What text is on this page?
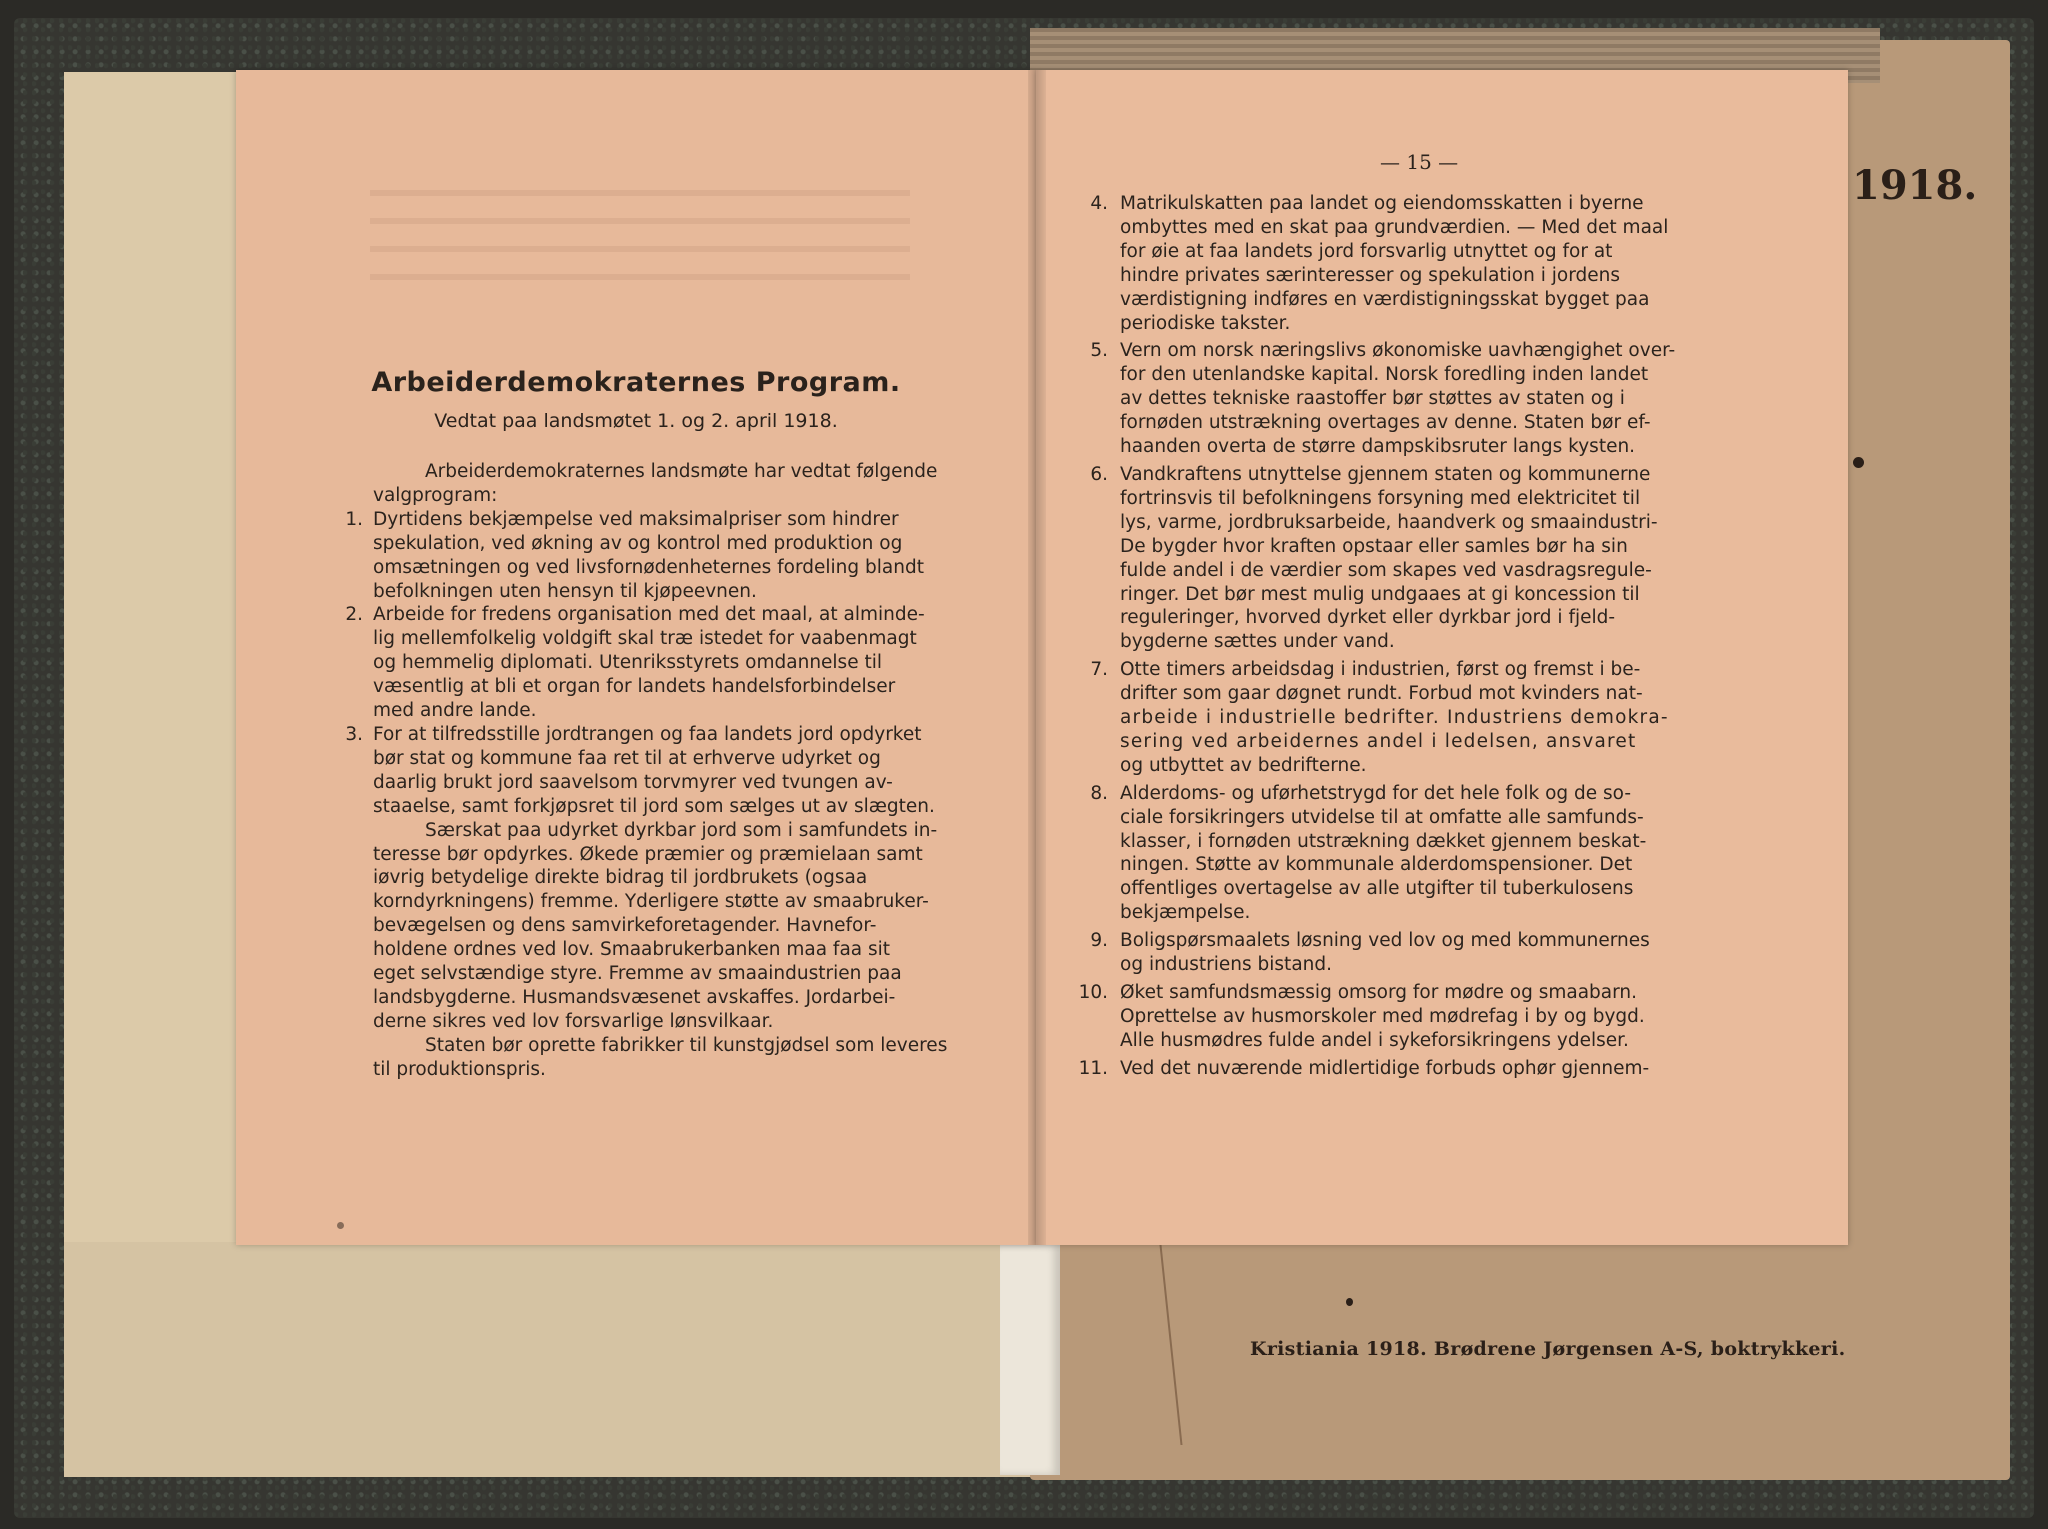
Arbeiderdemokraternes Program.
Vedtat paa landsmøtet 1. og 2. april 1918.

Arbeiderdemokraternes landsmøte har vedtat følgende
valgprogram:

1. Dyrtidens bekjæmpelse ved maksimalpriser som hindrer
spekulation, ved økning av og kontrol med produktion og
omsætningen og ved livsfornødenheternes fordeling blandt
befolkningen uten hensyn til kjøpeevnen.
2. Arbeide for fredens organisation med det maal, at alminde-
lig mellemfolkelig voldgift skal træ istedet for vaabenmagt
og hemmelig diplomati. Utenriksstyrets omdannelse til
væsentlig at bli et organ for landets handelsforbindelser
med andre lande.
3. For at tilfredsstille jordtrangen og faa landets jord opdyrket
bør stat og kommune faa ret til at erhverve udyrket og
daarlig brukt jord saavelsom torvmyrer ved tvungen av-
staaelse, samt forkjøpsret til jord som sælges ut av slægten.

Særskat paa udyrket dyrkbar jord som i samfundets in-
teresse bør opdyrkes. Økede præmier og præmielaan samt
iøvrig betydelige direkte bidrag til jordbrukets (ogsaa
korndyrkningens) fremme. Yderligere støtte av smaabruker-
bevægelsen og dens samvirkeforetagender. Havnefor-
holdene ordnes ved lov. Smaabrukerbanken maa faa sit
eget selvstændige styre. Fremme av smaaindustrien paa
landsbygderne. Husmandsvæsenet avskaffes. Jordarbei-
derne sikres ved lov forsvarlige lønsvilkaar.

Staten bør oprette fabrikker til kunstgjødsel som leveres
til produktionspris.

— 15 —
4. Matrikulskatten paa landet og eiendomsskatten i byerne
ombyttes med en skat paa grundværdien. — Med det maal
for øie at faa landets jord forsvarlig utnyttet og for at
hindre privates særinteresser og spekulation i jordens
værdistigning indføres en værdistigningsskat bygget paa
periodiske takster.
5. Vern om norsk næringslivs økonomiske uavhængighet over-
for den utenlandske kapital. Norsk foredling inden landet
av dettes tekniske raastoffer bør støttes av staten og i
fornøden utstrækning overtages av denne. Staten bør ef-
haanden overta de større dampskibsruter langs kysten.
6. Vandkraftens utnyttelse gjennem staten og kommunerne
fortrinsvis til befolkningens forsyning med elektricitet til
lys, varme, jordbruksarbeide, haandverk og smaaindustri-
De bygder hvor kraften opstaar eller samles bør ha sin
fulde andel i de værdier som skapes ved vasdragsregule-
ringer. Det bør mest mulig undgaaes at gi koncession til
reguleringer, hvorved dyrket eller dyrkbar jord i fjeld-
bygderne sættes under vand.
7. Otte timers arbeidsdag i industrien, først og fremst i be-
drifter som gaar døgnet rundt. Forbud mot kvinders nat-
arbeide i industrielle bedrifter. Industriens demokra-
sering ved arbeidernes andel i ledelsen, ansvaret
og utbyttet av bedrifterne.
8. Alderdoms- og uførhetstrygd for det hele folk og de so-
ciale forsikringers utvidelse til at omfatte alle samfunds-
klasser, i fornøden utstrækning dækket gjennem beskat-
ningen. Støtte av kommunale alderdomspensioner. Det
offentliges overtagelse av alle utgifter til tuberkulosens
bekjæmpelse.
9. Boligspørsmaalets løsning ved lov og med kommunernes
og industriens bistand.
10. Øket samfundsmæssig omsorg for mødre og smaabarn.
Oprettelse av husmorskoler med mødrefag i by og bygd.
Alle husmødres fulde andel i sykeforsikringens ydelser.
11. Ved det nuværende midlertidige forbuds ophør gjennem-
1918.
Kristiania 1918. Brødrene Jørgensen A-S, boktrykkeri.
